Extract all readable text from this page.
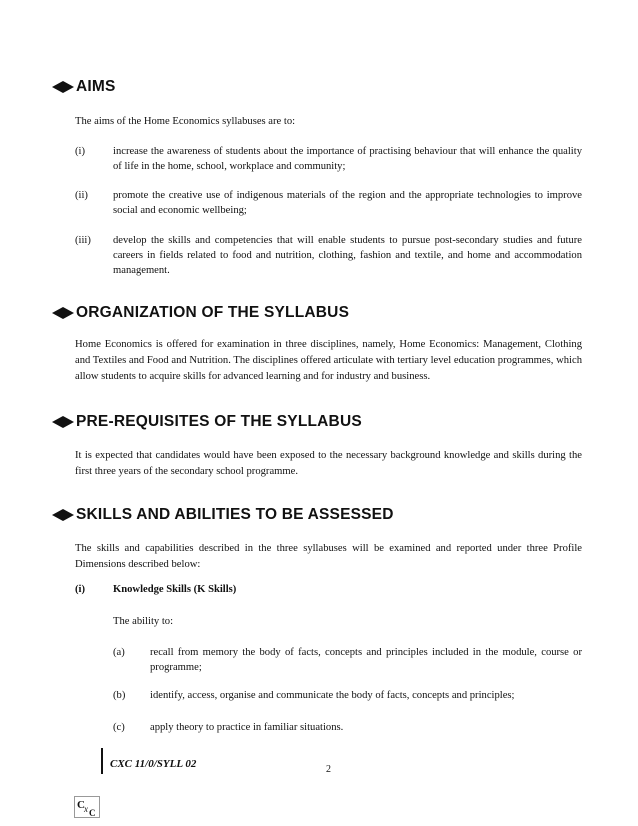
AIMS
The aims of the Home Economics syllabuses are to:
(i)	increase the awareness of students about the importance of practising behaviour that will enhance the quality of life in the home, school, workplace and community;
(ii) promote the creative use of indigenous materials of the region and the appropriate technologies to improve social and economic wellbeing;
(iii) develop the skills and competencies that will enable students to pursue post-secondary studies and future careers in fields related to food and nutrition, clothing, fashion and textile, and home and accommodation management.
ORGANIZATION OF THE SYLLABUS
Home Economics is offered for examination in three disciplines, namely, Home Economics: Management, Clothing and Textiles and Food and Nutrition. The disciplines offered articulate with tertiary level education programmes, which allow students to acquire skills for advanced learning and for industry and business.
PRE-REQUISITES OF THE SYLLABUS
It is expected that candidates would have been exposed to the necessary background knowledge and skills during the first three years of the secondary school programme.
SKILLS AND ABILITIES TO BE ASSESSED
The skills and capabilities described in the three syllabuses will be examined and reported under three Profile Dimensions described below:
(i)	Knowledge Skills (K Skills)
The ability to:
(a) recall from memory the body of facts, concepts and principles included in the module, course or programme;
(b) identify, access, organise and communicate the body of facts, concepts and principles;
(c) apply theory to practice in familiar situations.
CXC 11/0/SYLL 02	2
C x C
